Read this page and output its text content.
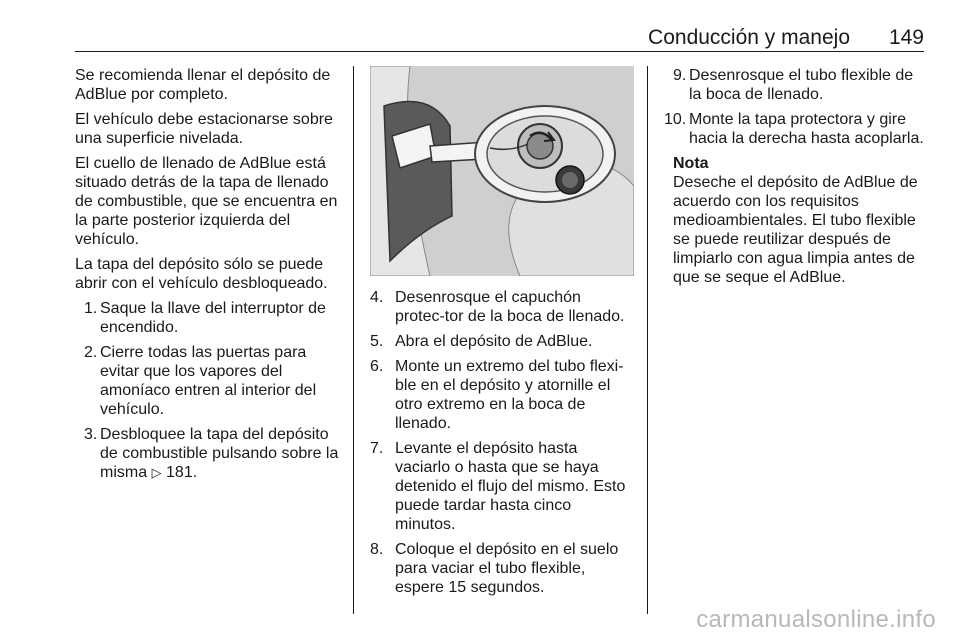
Conducción y manejo 149

Se recomienda llenar el depósito de AdBlue por completo.

El vehículo debe estacionarse sobre una superficie nivelada.

El cuello de llenado de AdBlue está situado detrás de la tapa de llenado de combustible, que se encuentra en la parte posterior izquierda del vehículo.

La tapa del depósito sólo se puede abrir con el vehículo desbloqueado.

1. Saque la llave del interruptor de encendido.
2. Cierre todas las puertas para evitar que los vapores del amoníaco entren al interior del vehículo.
3. Desbloquee la tapa del depósito de combustible pulsando sobre la misma ▷ 181.
4. Desenrosque el capuchón protec-tor de la boca de llenado.
5. Abra el depósito de AdBlue.
6. Monte un extremo del tubo flexi-ble en el depósito y atornille el otro extremo en la boca de llenado.
7. Levante el depósito hasta vaciarlo o hasta que se haya detenido el flujo del mismo. Esto puede tardar hasta cinco minutos.
8. Coloque el depósito en el suelo para vaciar el tubo flexible, espere 15 segundos.
9. Desenrosque el tubo flexible de la boca de llenado.
10. Monte la tapa protectora y gire hacia la derecha hasta acoplarla.
Nota
Deseche el depósito de AdBlue de acuerdo con los requisitos medioambientales. El tubo flexible se puede reutilizar después de limpiarlo con agua limpia antes de que se seque el AdBlue.
carmanualsonline.info
